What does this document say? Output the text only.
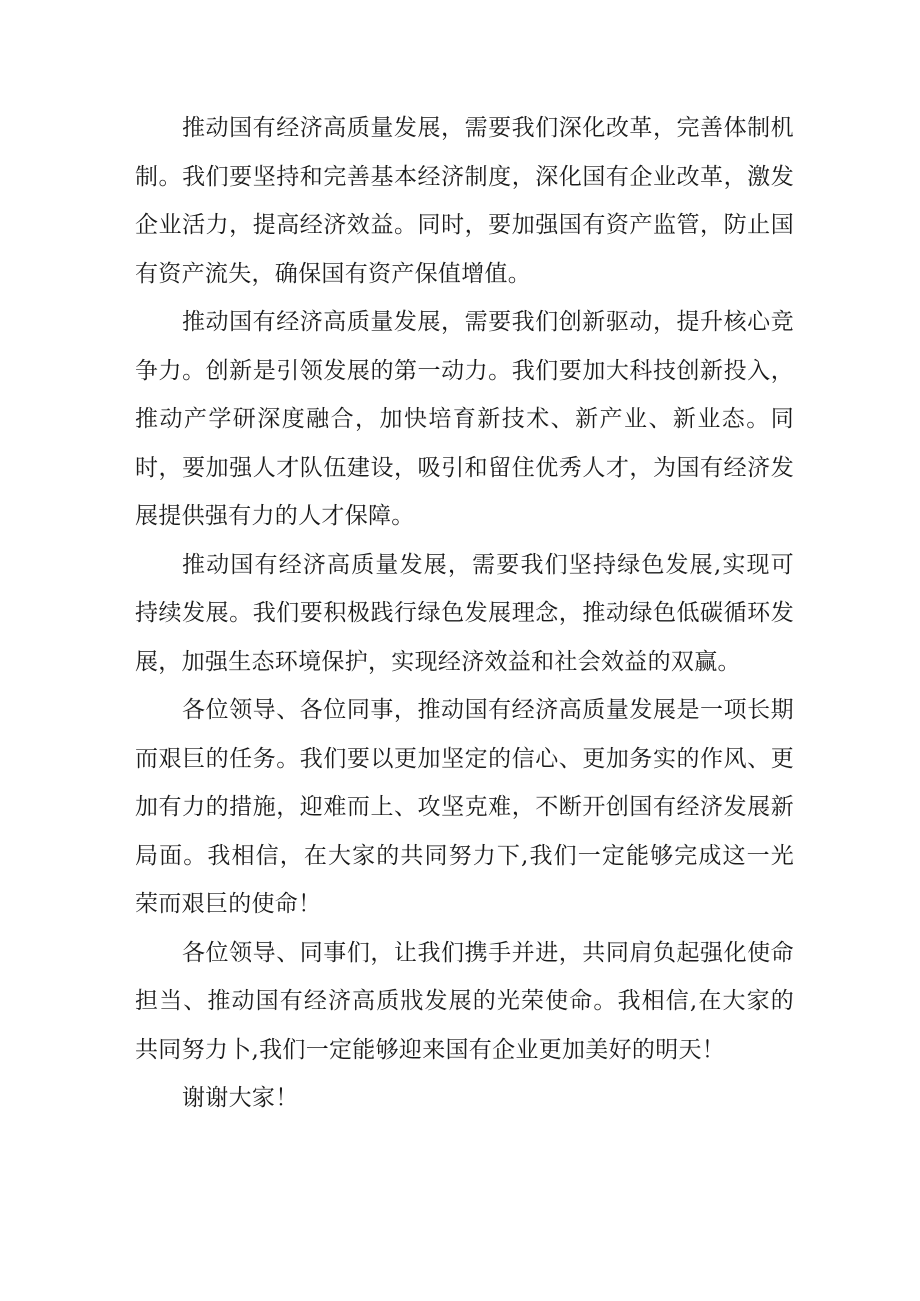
推动国有经济高质量发展，需要我们深化改革，完善体制机制。我们要坚持和完善基本经济制度，深化国有企业改革，激发企业活力，提高经济效益。同时，要加强国有资产监管，防止国有资产流失，确保国有资产保值增值。

推动国有经济高质量发展，需要我们创新驱动，提升核心竞争力。创新是引领发展的第一动力。我们要加大科技创新投入，推动产学研深度融合，加快培育新技术、新产业、新业态。同时，要加强人才队伍建设，吸引和留住优秀人才，为国有经济发展提供强有力的人才保障。

推动国有经济高质量发展，需要我们坚持绿色发展,实现可持续发展。我们要积极践行绿色发展理念，推动绿色低碳循环发展，加强生态环境保护，实现经济效益和社会效益的双赢。

各位领导、各位同事，推动国有经济高质量发展是一项长期而艰巨的任务。我们要以更加坚定的信心、更加务实的作风、更加有力的措施，迎难而上、攻坚克难，不断开创国有经济发展新局面。我相信，在大家的共同努力下,我们一定能够完成这一光荣而艰巨的使命！

各位领导、同事们，让我们携手并进，共同肩负起强化使命担当、推动国有经济高质戕发展的光荣使命。我相信,在大家的共同努力卜,我们一定能够迎来国有企业更加美好的明天！

谢谢大家！
